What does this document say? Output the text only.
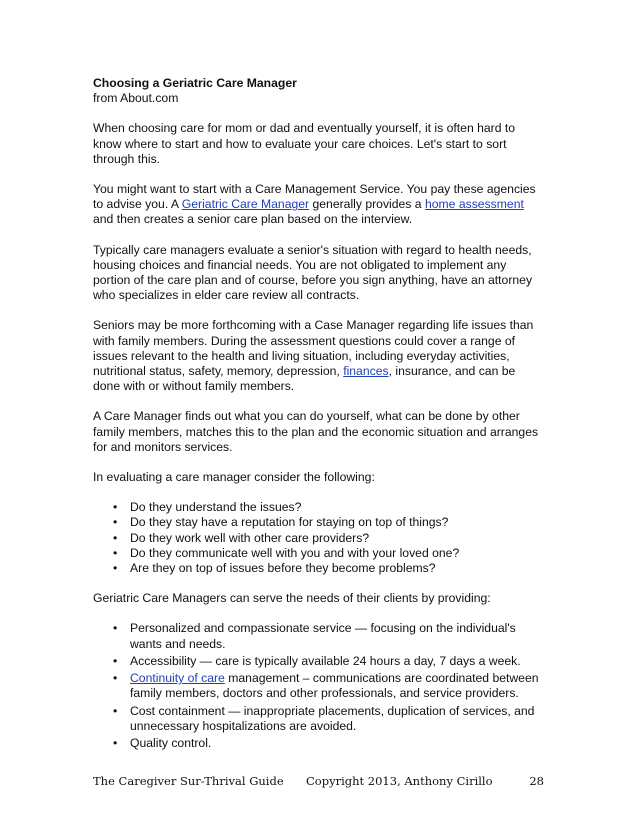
Choosing a Geriatric Care Manager

from About.com

When choosing care for mom or dad and eventually yourself, it is often hard to know where to start and how to evaluate your care choices. Let's start to sort through this.

You might want to start with a Care Management Service. You pay these agencies to advise you. A Geriatric Care Manager generally provides a home assessment and then creates a senior care plan based on the interview.

Typically care managers evaluate a senior's situation with regard to health needs, housing choices and financial needs. You are not obligated to implement any portion of the care plan and of course, before you sign anything, have an attorney who specializes in elder care review all contracts.

Seniors may be more forthcoming with a Case Manager regarding life issues than with family members. During the assessment questions could cover a range of issues relevant to the health and living situation, including everyday activities, nutritional status, safety, memory, depression, finances, insurance, and can be done with or without family members.

A Care Manager finds out what you can do yourself, what can be done by other family members, matches this to the plan and the economic situation and arranges for and monitors services.

In evaluating a care manager consider the following:

• Do they understand the issues?
• Do they stay have a reputation for staying on top of things?
• Do they work well with other care providers?
• Do they communicate well with you and with your loved one?
• Are they on top of issues before they become problems?

Geriatric Care Managers can serve the needs of their clients by providing:

• Personalized and compassionate service — focusing on the individual's wants and needs.
• Accessibility — care is typically available 24 hours a day, 7 days a week.
• Continuity of care management – communications are coordinated between family members, doctors and other professionals, and service providers.
• Cost containment — inappropriate placements, duplication of services, and unnecessary hospitalizations are avoided.
• Quality control.
The Caregiver Sur-Thrival Guide Copyright 2013, Anthony Cirillo	28
